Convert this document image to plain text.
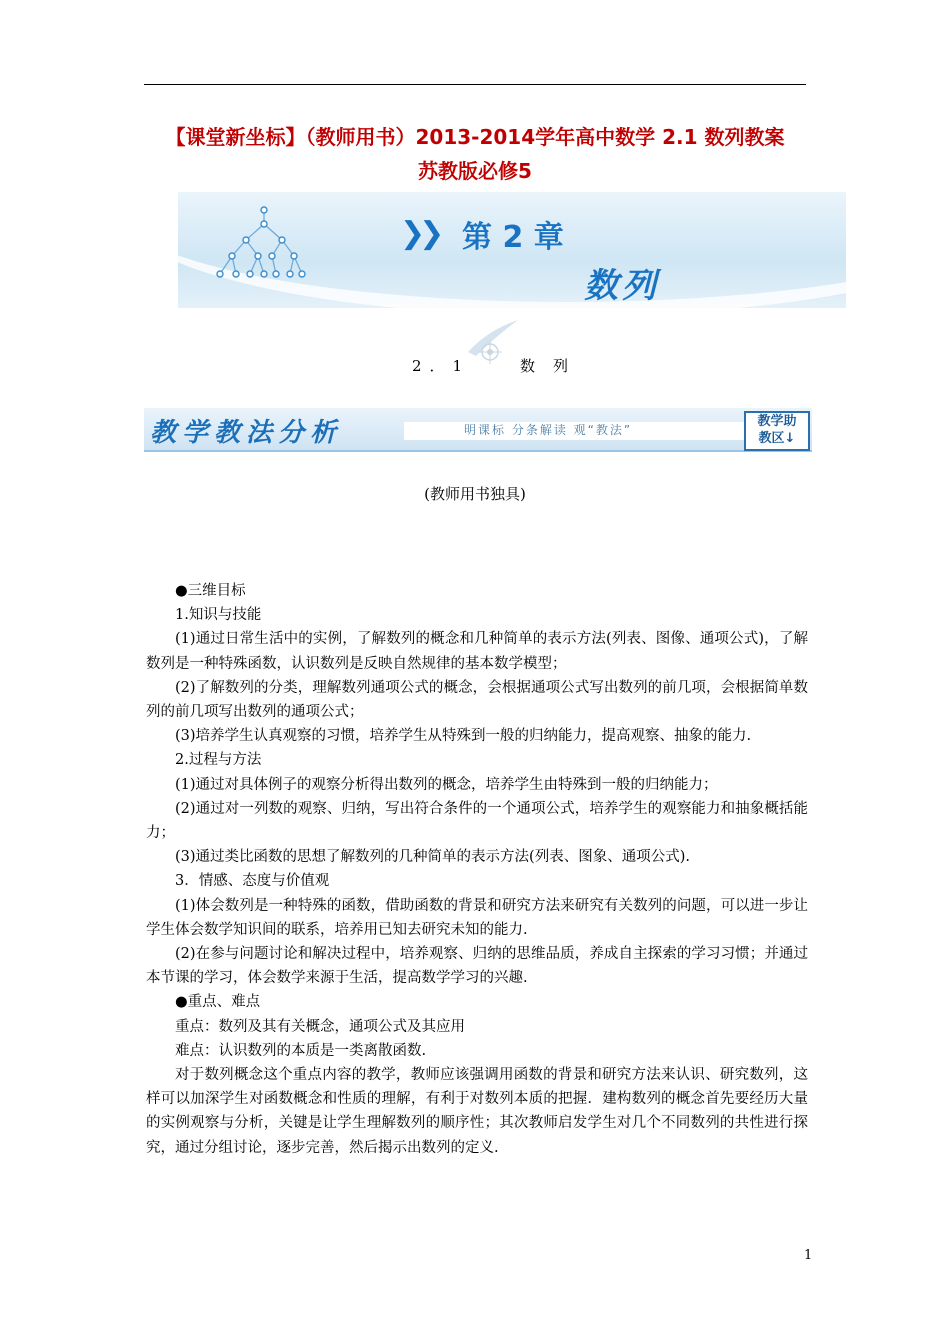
【课堂新坐标】（教师用书）2013-2014学年高中数学 2.1 数列教案
苏教版必修5
❯❯ 第 2 章
数列
2．1	数列
教学教法分析	明课标 分条解读 观“教法”
教学助
教区↓
(教师用书独具)

●三维目标

1.知识与技能

(1)通过日常生活中的实例，了解数列的概念和几种简单的表示方法(列表、图像、通项公式)，了解数列是一种特殊函数，认识数列是反映自然规律的基本数学模型；

(2)了解数列的分类，理解数列通项公式的概念，会根据通项公式写出数列的前几项，会根据简单数列的前几项写出数列的通项公式；

(3)培养学生认真观察的习惯，培养学生从特殊到一般的归纳能力，提高观察、抽象的能力.

2.过程与方法

(1)通过对具体例子的观察分析得出数列的概念，培养学生由特殊到一般的归纳能力；

(2)通过对一列数的观察、归纳，写出符合条件的一个通项公式，培养学生的观察能力和抽象概括能力；

(3)通过类比函数的思想了解数列的几种简单的表示方法(列表、图象、通项公式).

3．情感、态度与价值观

(1)体会数列是一种特殊的函数，借助函数的背景和研究方法来研究有关数列的问题，可以进一步让学生体会数学知识间的联系，培养用已知去研究未知的能力.

(2)在参与问题讨论和解决过程中，培养观察、归纳的思维品质，养成自主探索的学习习惯；并通过本节课的学习，体会数学来源于生活，提高数学学习的兴趣.

●重点、难点

重点：数列及其有关概念，通项公式及其应用

难点：认识数列的本质是一类离散函数.

对于数列概念这个重点内容的教学，教师应该强调用函数的背景和研究方法来认识、研究数列，这样可以加深学生对函数概念和性质的理解，有利于对数列本质的把握．建构数列的概念首先要经历大量的实例观察与分析，关键是让学生理解数列的顺序性；其次教师启发学生对几个不同数列的共性进行探究，通过分组讨论，逐步完善，然后揭示出数列的定义.

1
